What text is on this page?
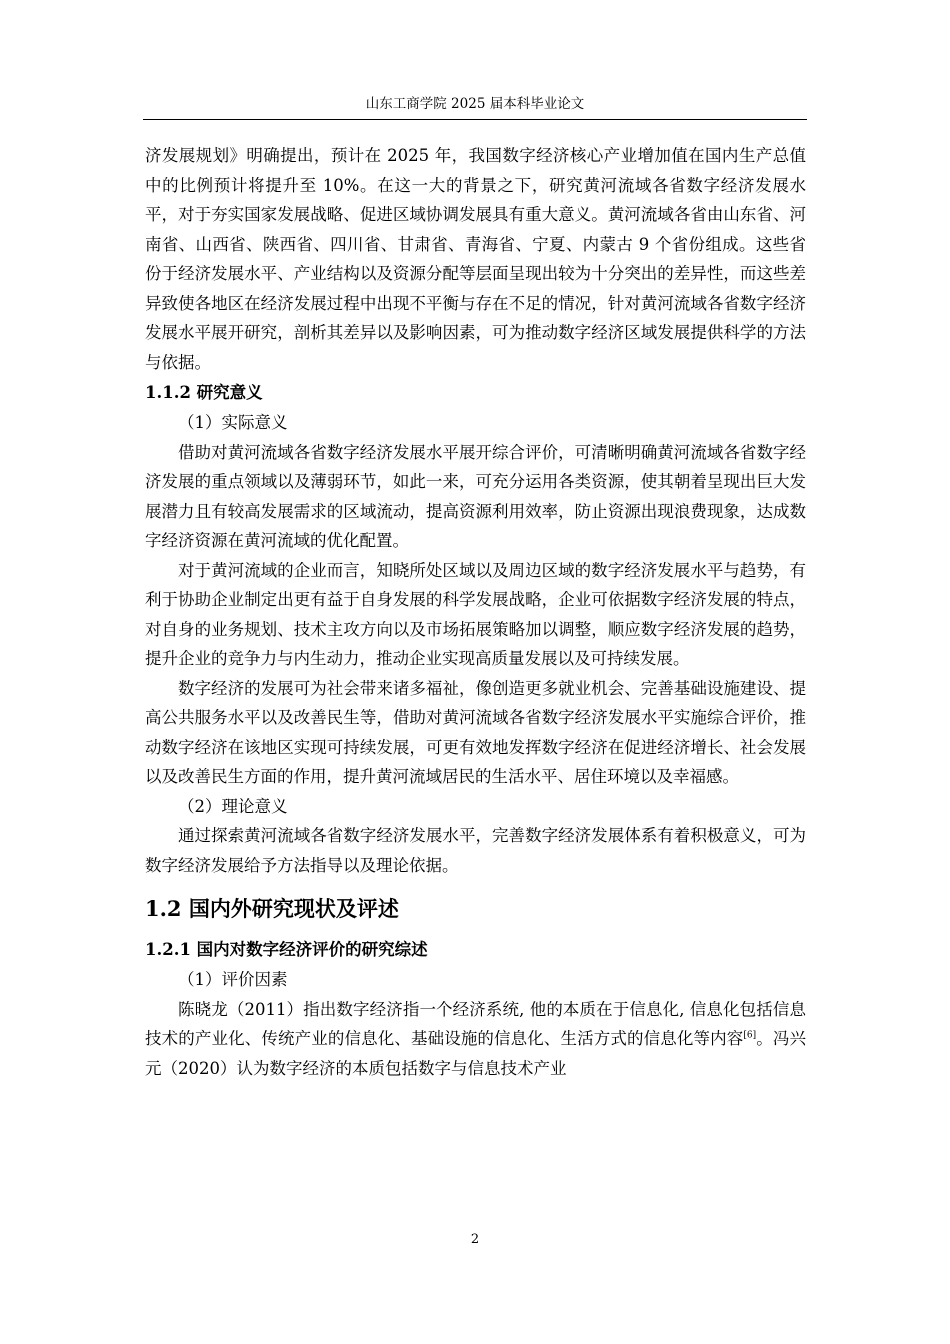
山东工商学院 2025 届本科毕业论文

济发展规划》明确提出，预计在 2025 年，我国数字经济核心产业增加值在国内生产总值中的比例预计将提升至 10%。在这一大的背景之下，研究黄河流域各省数字经济发展水平，对于夯实国家发展战略、促进区域协调发展具有重大意义。黄河流域各省由山东省、河南省、山西省、陕西省、四川省、甘肃省、青海省、宁夏、内蒙古 9 个省份组成。这些省份于经济发展水平、产业结构以及资源分配等层面呈现出较为十分突出的差异性，而这些差异致使各地区在经济发展过程中出现不平衡与存在不足的情况，针对黄河流域各省数字经济发展水平展开研究，剖析其差异以及影响因素，可为推动数字经济区域发展提供科学的方法与依据。

1.1.2 研究意义

（1）实际意义

借助对黄河流域各省数字经济发展水平展开综合评价，可清晰明确黄河流域各省数字经济发展的重点领域以及薄弱环节，如此一来，可充分运用各类资源，使其朝着呈现出巨大发展潜力且有较高发展需求的区域流动，提高资源利用效率，防止资源出现浪费现象，达成数字经济资源在黄河流域的优化配置。

对于黄河流域的企业而言，知晓所处区域以及周边区域的数字经济发展水平与趋势，有利于协助企业制定出更有益于自身发展的科学发展战略，企业可依据数字经济发展的特点，对自身的业务规划、技术主攻方向以及市场拓展策略加以调整，顺应数字经济发展的趋势，提升企业的竞争力与内生动力，推动企业实现高质量发展以及可持续发展。

数字经济的发展可为社会带来诸多福祉，像创造更多就业机会、完善基础设施建设、提高公共服务水平以及改善民生等，借助对黄河流域各省数字经济发展水平实施综合评价，推动数字经济在该地区实现可持续发展，可更有效地发挥数字经济在促进经济增长、社会发展以及改善民生方面的作用，提升黄河流域居民的生活水平、居住环境以及幸福感。

（2）理论意义

通过探索黄河流域各省数字经济发展水平，完善数字经济发展体系有着积极意义，可为数字经济发展给予方法指导以及理论依据。

1.2 国内外研究现状及评述

1.2.1 国内对数字经济评价的研究综述

（1）评价因素

陈晓龙（2011）指出数字经济指一个经济系统, 他的本质在于信息化, 信息化包括信息技术的产业化、传统产业的信息化、基础设施的信息化、生活方式的信息化等内容[6]。冯兴元（2020）认为数字经济的本质包括数字与信息技术产业

2
